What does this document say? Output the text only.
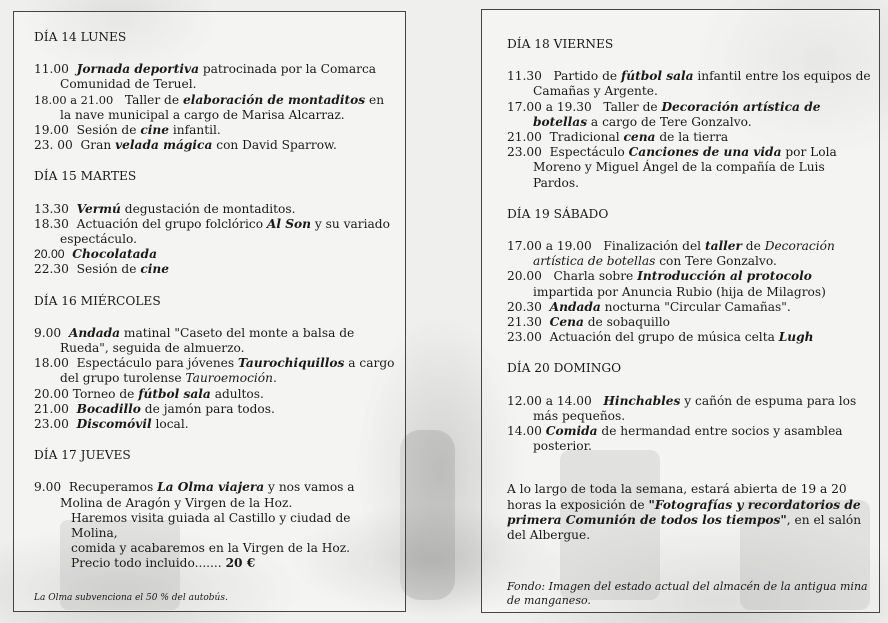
DÍA 14 LUNES
11.00 Jornada deportiva patrocinada por la Comarca Comunidad de Teruel.
18.00 a 21.00 Taller de elaboración de montaditos en la nave municipal a cargo de Marisa Alcarraz.
19.00 Sesión de cine infantil.
23. 00 Gran velada mágica con David Sparrow.
DÍA 15 MARTES
13.30 Vermú degustación de montaditos.
18.30 Actuación del grupo folclórico Al Son y su variado espectáculo.
20.00 Chocolatada
22.30 Sesión de cine
DÍA 16 MIÉRCOLES
9.00 Andada matinal "Caseto del monte a balsa de Rueda", seguida de almuerzo.
18.00 Espectáculo para jóvenes Taurochiquillos a cargo del grupo turolense Tauroemoción.
20.00 Torneo de fútbol sala adultos.
21.00 Bocadillo de jamón para todos.
23.00 Discomóvil local.
DÍA 17 JUEVES
9.00 Recuperamos La Olma viajera y nos vamos a Molina de Aragón y Virgen de la Hoz.
Haremos visita guiada al Castillo y ciudad de Molina,
comida y acabaremos en la Virgen de la Hoz.
Precio todo incluido....... 20 €
La Olma subvenciona el 50 % del autobús.
DÍA 18 VIERNES
11.30 Partido de fútbol sala infantil entre los equipos de Camañas y Argente.
17.00 a 19.30 Taller de Decoración artística de botellas a cargo de Tere Gonzalvo.
21.00 Tradicional cena de la tierra
23.00 Espectáculo Canciones de una vida por Lola Moreno y Miguel Ángel de la compañía de Luis Pardos.
DÍA 19 SÁBADO
17.00 a 19.00 Finalización del taller de Decoración artística de botellas con Tere Gonzalvo.
20.00 Charla sobre Introducción al protocolo impartida por Anuncia Rubio (hija de Milagros)
20.30 Andada nocturna "Circular Camañas".
21.30 Cena de sobaquillo
23.00 Actuación del grupo de música celta Lugh
DÍA 20 DOMINGO
12.00 a 14.00 Hinchables y cañón de espuma para los más pequeños.
14.00 Comida de hermandad entre socios y asamblea posterior.
A lo largo de toda la semana, estará abierta de 19 a 20 horas la exposición de "Fotografías y recordatorios de primera Comunión de todos los tiempos", en el salón del Albergue.
Fondo: Imagen del estado actual del almacén de la antigua mina de manganeso.
